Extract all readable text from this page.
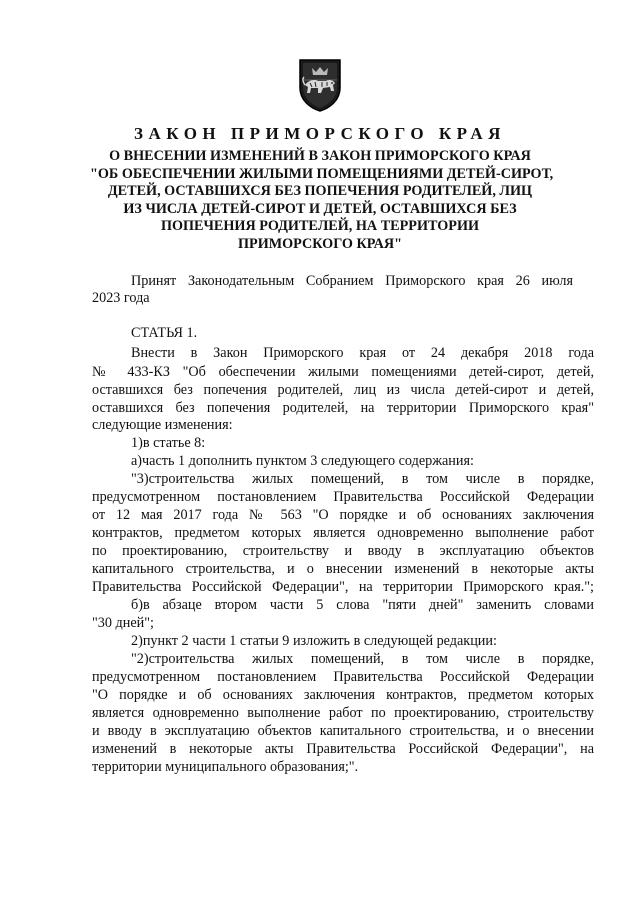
ЗАКОН ПРИМОРСКОГО КРАЯ
О ВНЕСЕНИИ ИЗМЕНЕНИЙ В ЗАКОН ПРИМОРСКОГО КРАЯ
"ОБ ОБЕСПЕЧЕНИИ ЖИЛЫМИ ПОМЕЩЕНИЯМИ ДЕТЕЙ-СИРОТ,
ДЕТЕЙ, ОСТАВШИХСЯ БЕЗ ПОПЕЧЕНИЯ РОДИТЕЛЕЙ, ЛИЦ
ИЗ ЧИСЛА ДЕТЕЙ-СИРОТ И ДЕТЕЙ, ОСТАВШИХСЯ БЕЗ
ПОПЕЧЕНИЯ РОДИТЕЛЕЙ, НА ТЕРРИТОРИИ
ПРИМОРСКОГО КРАЯ"
Принят Законодательным Собранием Приморского края 26 июля
2023 года
СТАТЬЯ 1.
Внести в Закон Приморского края от 24 декабря 2018 года
№ 433-КЗ "Об обеспечении жилыми помещениями детей-сирот, детей,
оставшихся без попечения родителей, лиц из числа детей-сирот и детей,
оставшихся без попечения родителей, на территории Приморского края"
следующие изменения:
1)в статье 8:
а)часть 1 дополнить пунктом 3 следующего содержания:
"3)строительства жилых помещений, в том числе в порядке,
предусмотренном постановлением Правительства Российской Федерации
от 12 мая 2017 года № 563 "О порядке и об основаниях заключения
контрактов, предметом которых является одновременно выполнение работ
по проектированию, строительству и вводу в эксплуатацию объектов
капитального строительства, и о внесении изменений в некоторые акты
Правительства Российской Федерации", на территории Приморского края.";
б)в абзаце втором части 5 слова "пяти дней" заменить словами
"30 дней";
2)пункт 2 части 1 статьи 9 изложить в следующей редакции:
"2)строительства жилых помещений, в том числе в порядке,
предусмотренном постановлением Правительства Российской Федерации
"О порядке и об основаниях заключения контрактов, предметом которых
является одновременно выполнение работ по проектированию, строительству
и вводу в эксплуатацию объектов капитального строительства, и о внесении
изменений в некоторые акты Правительства Российской Федерации", на
территории муниципального образования;".
